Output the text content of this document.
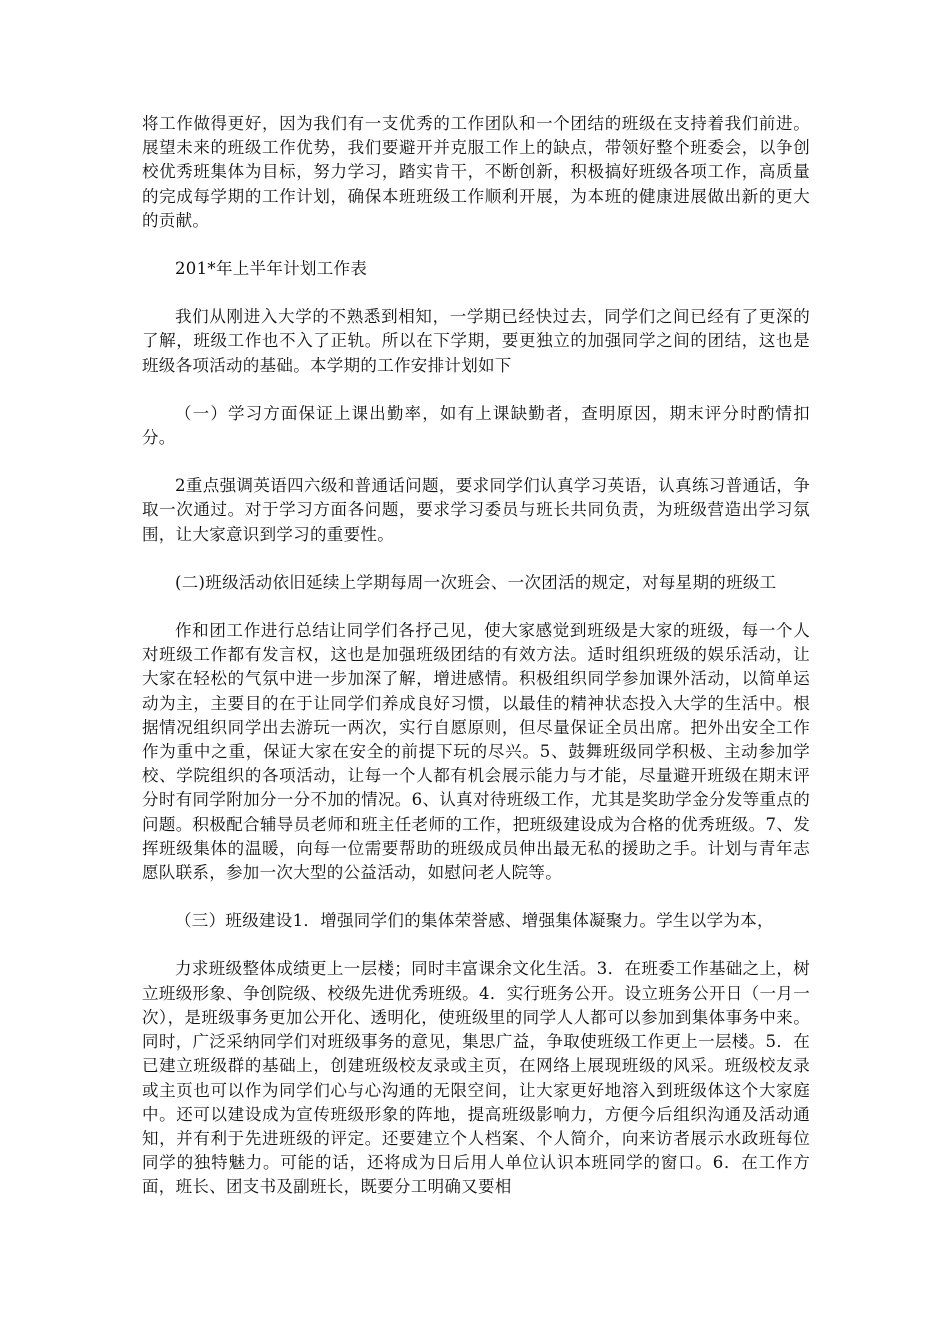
将工作做得更好，因为我们有一支优秀的工作团队和一个团结的班级在支持着我们前进。展望未来的班级工作优势，我们要避开并克服工作上的缺点，带领好整个班委会，以争创校优秀班集体为目标，努力学习，踏实肯干，不断创新，积极搞好班级各项工作，高质量的完成每学期的工作计划，确保本班班级工作顺利开展，为本班的健康进展做出新的更大的贡献。

201*年上半年计划工作表

我们从刚进入大学的不熟悉到相知，一学期已经快过去，同学们之间已经有了更深的了解，班级工作也不入了正轨。所以在下学期，要更独立的加强同学之间的团结，这也是班级各项活动的基础。本学期的工作安排计划如下

（一）学习方面保证上课出勤率，如有上课缺勤者，查明原因，期末评分时酌情扣分。

2重点强调英语四六级和普通话问题，要求同学们认真学习英语，认真练习普通话，争取一次通过。对于学习方面各问题，要求学习委员与班长共同负责，为班级营造出学习氛围，让大家意识到学习的重要性。

(二)班级活动依旧延续上学期每周一次班会、一次团活的规定，对每星期的班级工

作和团工作进行总结让同学们各抒己见，使大家感觉到班级是大家的班级，每一个人对班级工作都有发言权，这也是加强班级团结的有效方法。适时组织班级的娱乐活动，让大家在轻松的气氛中进一步加深了解，增进感情。积极组织同学参加课外活动，以简单运动为主，主要目的在于让同学们养成良好习惯，以最佳的精神状态投入大学的生活中。根据情况组织同学出去游玩一两次，实行自愿原则，但尽量保证全员出席。把外出安全工作作为重中之重，保证大家在安全的前提下玩的尽兴。5、鼓舞班级同学积极、主动参加学校、学院组织的各项活动，让每一个人都有机会展示能力与才能，尽量避开班级在期末评分时有同学附加分一分不加的情况。6、认真对待班级工作，尤其是奖助学金分发等重点的问题。积极配合辅导员老师和班主任老师的工作，把班级建设成为合格的优秀班级。7、发挥班级集体的温暖，向每一位需要帮助的班级成员伸出最无私的援助之手。计划与青年志愿队联系，参加一次大型的公益活动，如慰问老人院等。

（三）班级建设1．增强同学们的集体荣誉感、增强集体凝聚力。学生以学为本，

力求班级整体成绩更上一层楼；同时丰富课余文化生活。3．在班委工作基础之上，树立班级形象、争创院级、校级先进优秀班级。4．实行班务公开。设立班务公开日（一月一次），是班级事务更加公开化、透明化，使班级里的同学人人都可以参加到集体事务中来。同时，广泛采纳同学们对班级事务的意见，集思广益，争取使班级工作更上一层楼。5．在已建立班级群的基础上，创建班级校友录或主页，在网络上展现班级的风采。班级校友录或主页也可以作为同学们心与心沟通的无限空间，让大家更好地溶入到班级体这个大家庭中。还可以建设成为宣传班级形象的阵地，提高班级影响力，方便今后组织沟通及活动通知，并有利于先进班级的评定。还要建立个人档案、个人简介，向来访者展示水政班每位同学的独特魅力。可能的话，还将成为日后用人单位认识本班同学的窗口。6．在工作方面，班长、团支书及副班长，既要分工明确又要相
